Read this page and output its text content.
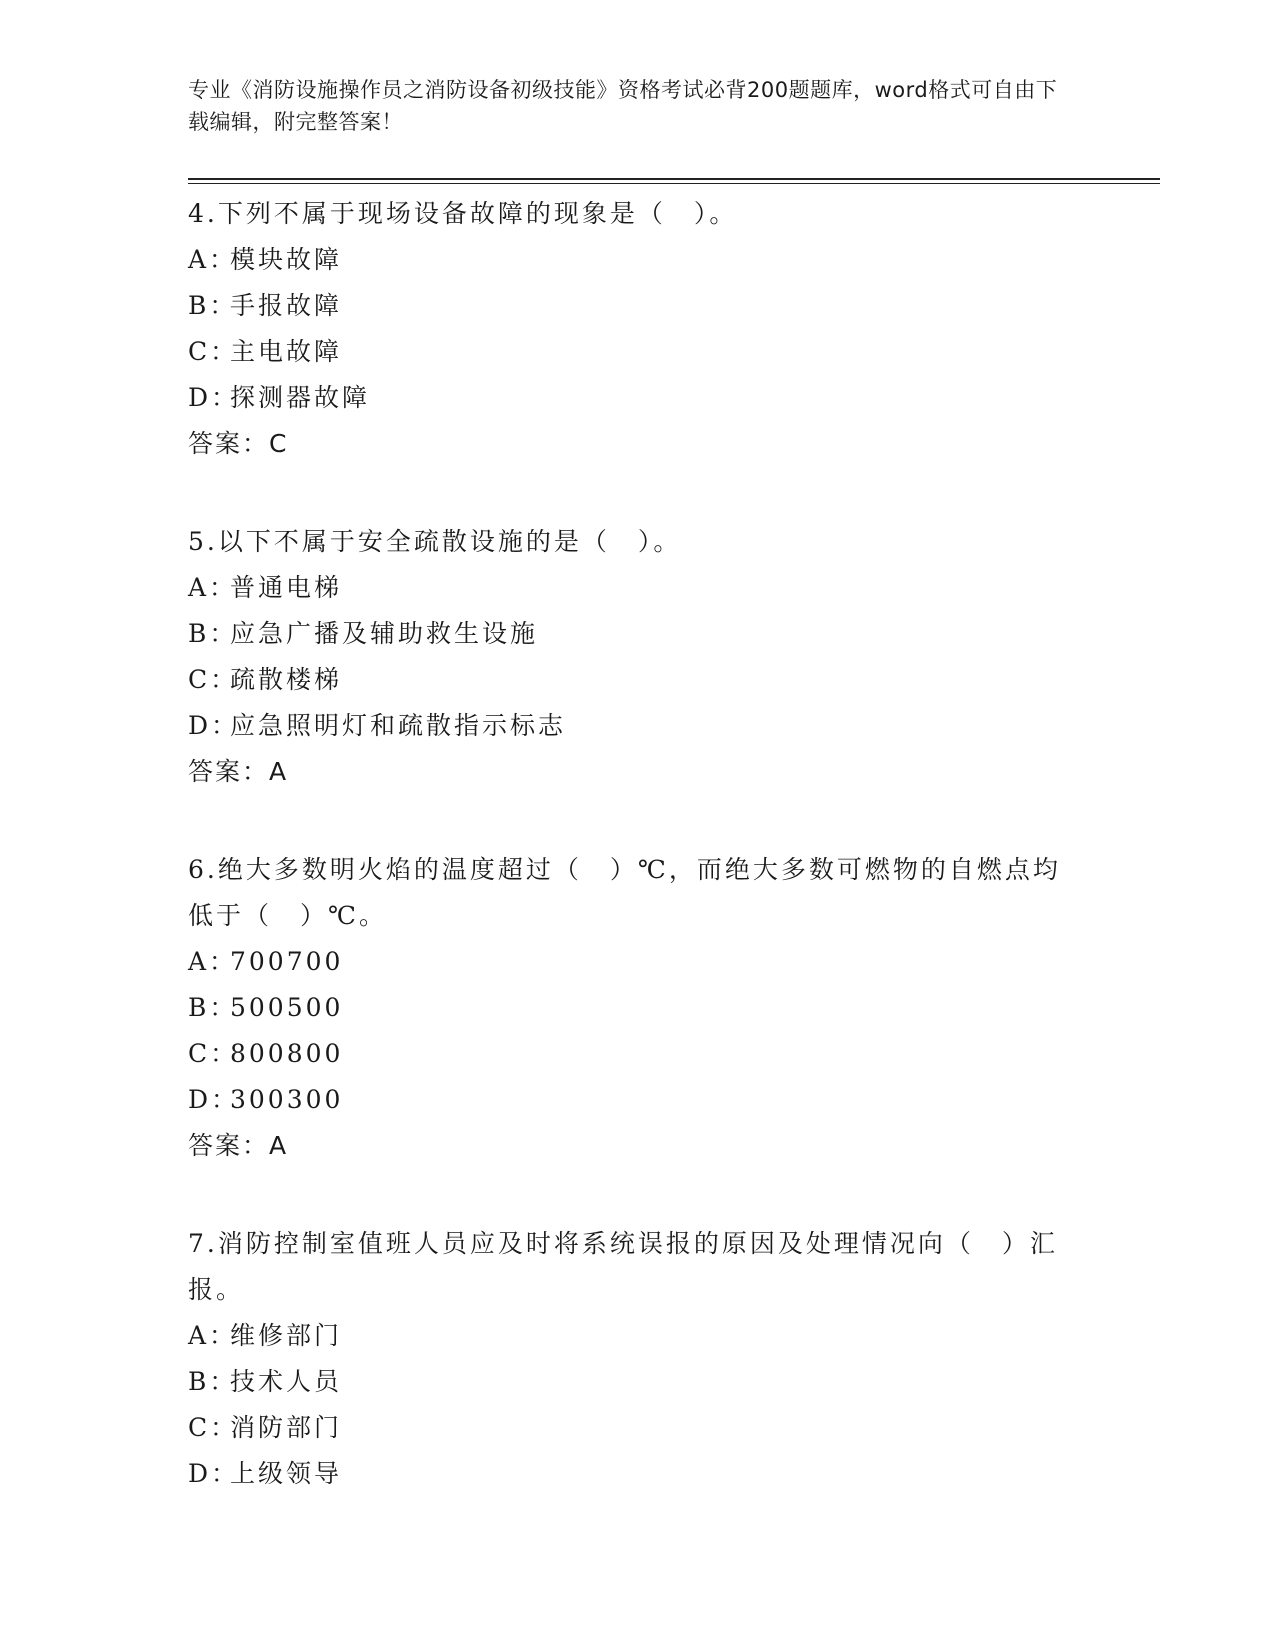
专业《消防设施操作员之消防设备初级技能》资格考试必背200题题库，word格式可自由下载编辑，附完整答案！
4.下列不属于现场设备故障的现象是（　）。
A：模块故障
B：手报故障
C：主电故障
D：探测器故障
答案：C
5.以下不属于安全疏散设施的是（　）。
A：普通电梯
B：应急广播及辅助救生设施
C：疏散楼梯
D：应急照明灯和疏散指示标志
答案：A
6.绝大多数明火焰的温度超过（　）℃，而绝大多数可燃物的自燃点均低于（　）℃。
A：700700
B：500500
C：800800
D：300300
答案：A
7.消防控制室值班人员应及时将系统误报的原因及处理情况向（　）汇报。
A：维修部门
B：技术人员
C：消防部门
D：上级领导
